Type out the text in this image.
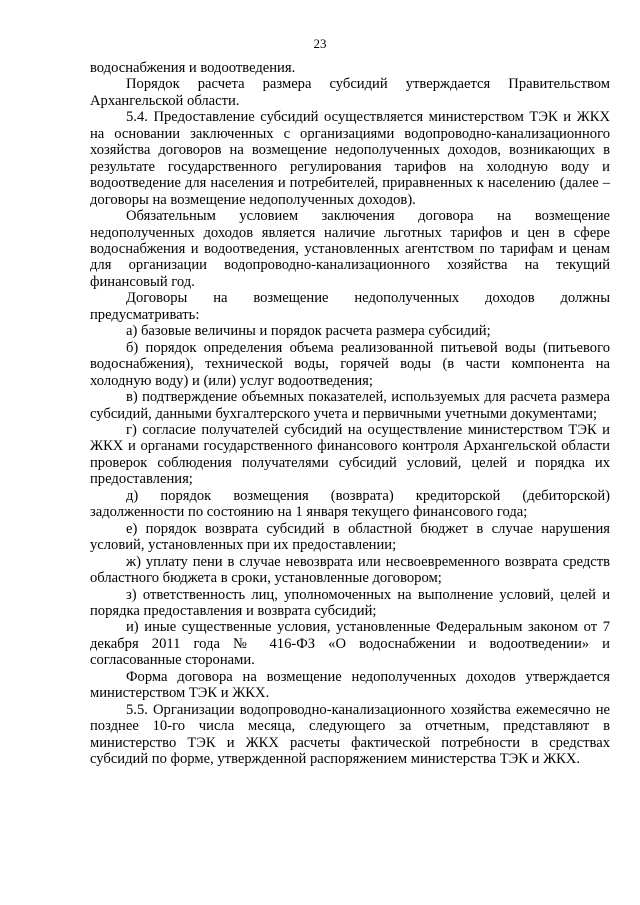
23

водоснабжения и водоотведения.

Порядок расчета размера субсидий утверждается Правительством Архангельской области.

5.4. Предоставление субсидий осуществляется министерством ТЭК и ЖКХ на основании заключенных с организациями водопроводно-канализационного хозяйства договоров на возмещение недополученных доходов, возникающих в результате государственного регулирования тарифов на холодную воду и водоотведение для населения и потребителей, приравненных к населению (далее – договоры на возмещение недополученных доходов).

Обязательным условием заключения договора на возмещение недополученных доходов является наличие льготных тарифов и цен в сфере водоснабжения и водоотведения, установленных агентством по тарифам и ценам для организации водопроводно-канализационного хозяйства на текущий финансовый год.

Договоры на возмещение недополученных доходов должны предусматривать:

а) базовые величины и порядок расчета размера субсидий;

б) порядок определения объема реализованной питьевой воды (питьевого водоснабжения), технической воды, горячей воды (в части компонента на холодную воду) и (или) услуг водоотведения;

в) подтверждение объемных показателей, используемых для расчета размера субсидий, данными бухгалтерского учета и первичными учетными документами;

г) согласие получателей субсидий на осуществление министерством ТЭК и ЖКХ и органами государственного финансового контроля Архангельской области проверок соблюдения получателями субсидий условий, целей и порядка их предоставления;

д) порядок возмещения (возврата) кредиторской (дебиторской) задолженности по состоянию на 1 января текущего финансового года;

е) порядок возврата субсидий в областной бюджет в случае нарушения условий, установленных при их предоставлении;

ж) уплату пени в случае невозврата или несвоевременного возврата средств областного бюджета в сроки, установленные договором;

з) ответственность лиц, уполномоченных на выполнение условий, целей и порядка предоставления и возврата субсидий;

и) иные существенные условия, установленные Федеральным законом от 7 декабря 2011 года № 416-ФЗ «О водоснабжении и водоотведении» и согласованные сторонами.

Форма договора на возмещение недополученных доходов утверждается министерством ТЭК и ЖКХ.

5.5. Организации водопроводно-канализационного хозяйства ежемесячно не позднее 10-го числа месяца, следующего за отчетным, представляют в министерство ТЭК и ЖКХ расчеты фактической потребности в средствах субсидий по форме, утвержденной распоряжением министерства ТЭК и ЖКХ.
